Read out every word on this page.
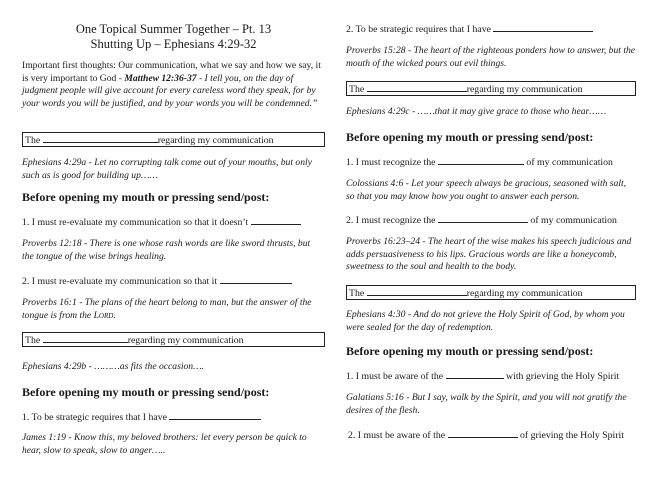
One Topical Summer Together – Pt. 13
Shutting Up – Ephesians 4:29-32
Important first thoughts: Our communication, what we say and how we say, it is very important to God - Matthew 12:36-37 - I tell you, on the day of judgment people will give account for every careless word they speak, for by your words you will be justified, and by your words you will be condemned.”
The	regarding my communication
Ephesians 4:29a - Let no corrupting talk come out of your mouths, but only such as is good for building up……
Before opening my mouth or pressing send/post:
1. I must re-evaluate my communication so that it doesn’t
Proverbs 12:18 - There is one whose rash words are like sword thrusts, but the tongue of the wise brings healing.
2. I must re-evaluate my communication so that it
Proverbs 16:1 - The plans of the heart belong to man, but the answer of the tongue is from the Lord.
The	regarding my communication
Ephesians 4:29b - ………as fits the occasion….
Before opening my mouth or pressing send/post:
1. To be strategic requires that I have
James 1:19 - Know this, my beloved brothers: let every person be quick to hear, slow to speak, slow to anger…..
2. To be strategic requires that I have
Proverbs 15:28 - The heart of the righteous ponders how to answer, but the mouth of the wicked pours out evil things.
The	regarding my communication
Ephesians 4:29c - ……that it may give grace to those who hear……
Before opening my mouth or pressing send/post:
1. I must recognize the	of my communication
Colossians 4:6 - Let your speech always be gracious, seasoned with salt, so that you may know how you ought to answer each person.
2. I must recognize the	of my communication
Proverbs 16:23–24 - The heart of the wise makes his speech judicious and adds persuasiveness to his lips. Gracious words are like a honeycomb, sweetness to the soul and health to the body.
The	regarding my communication
Ephesians 4:30 - And do not grieve the Holy Spirit of God, by whom you were sealed for the day of redemption.
Before opening my mouth or pressing send/post:
1. I must be aware of the	with grieving the Holy Spirit
Galatians 5:16 - But I say, walk by the Spirit, and you will not gratify the desires of the flesh.
2. I must be aware of the	of grieving the Holy Spirit
